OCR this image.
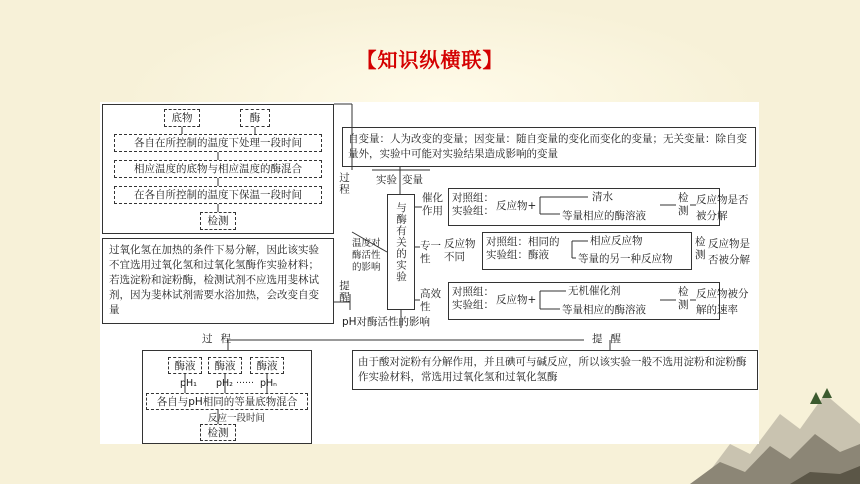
【知识纵横联】
底物	酶
各自在所控制的温度下处理一段时间
相应温度的底物与相应温度的酶混合
在各自所控制的温度下保温一段时间
检测
过氧化氢在加热的条件下易分解，因此该实验不宜选用过氧化氢和过氧化氢酶作实验材料；若选淀粉和淀粉酶，检测试剂不应选用斐林试剂，因为斐林试剂需要水浴加热，会改变自变量
自变量：人为改变的变量；因变量：随自变量的变化而变化的变量；无关变量：除自变量外，实验中可能对实验结果造成影响的变量
实验 变量
过程
提醒
与酶有关的实验
温度对酶活性的影响
pH对酶活性的影响
催化作用
对照组：
实验组： 反应物+
清水
等量相应的酶溶液
检测
反应物是否被分解
专一性
反应物不同
对照组：相同的
实验组：酶液
相应反应物
等量的另一种反应物
检测
反应物是否被分解
高效性
对照组：
实验组： 反应物+
无机催化剂
等量相应的酶溶液
检测
反应物被分解的速率
过程	提醒
由于酸对淀粉有分解作用，并且碘可与碱反应，所以该实验一般不选用淀粉和淀粉酶作实验材料，常选用过氧化氢和过氧化氢酶
酶液	酶液	酶液
pH₁ pH₂ …… pHₙ
各自与pH相同的等量底物混合
反应一段时间
检测
